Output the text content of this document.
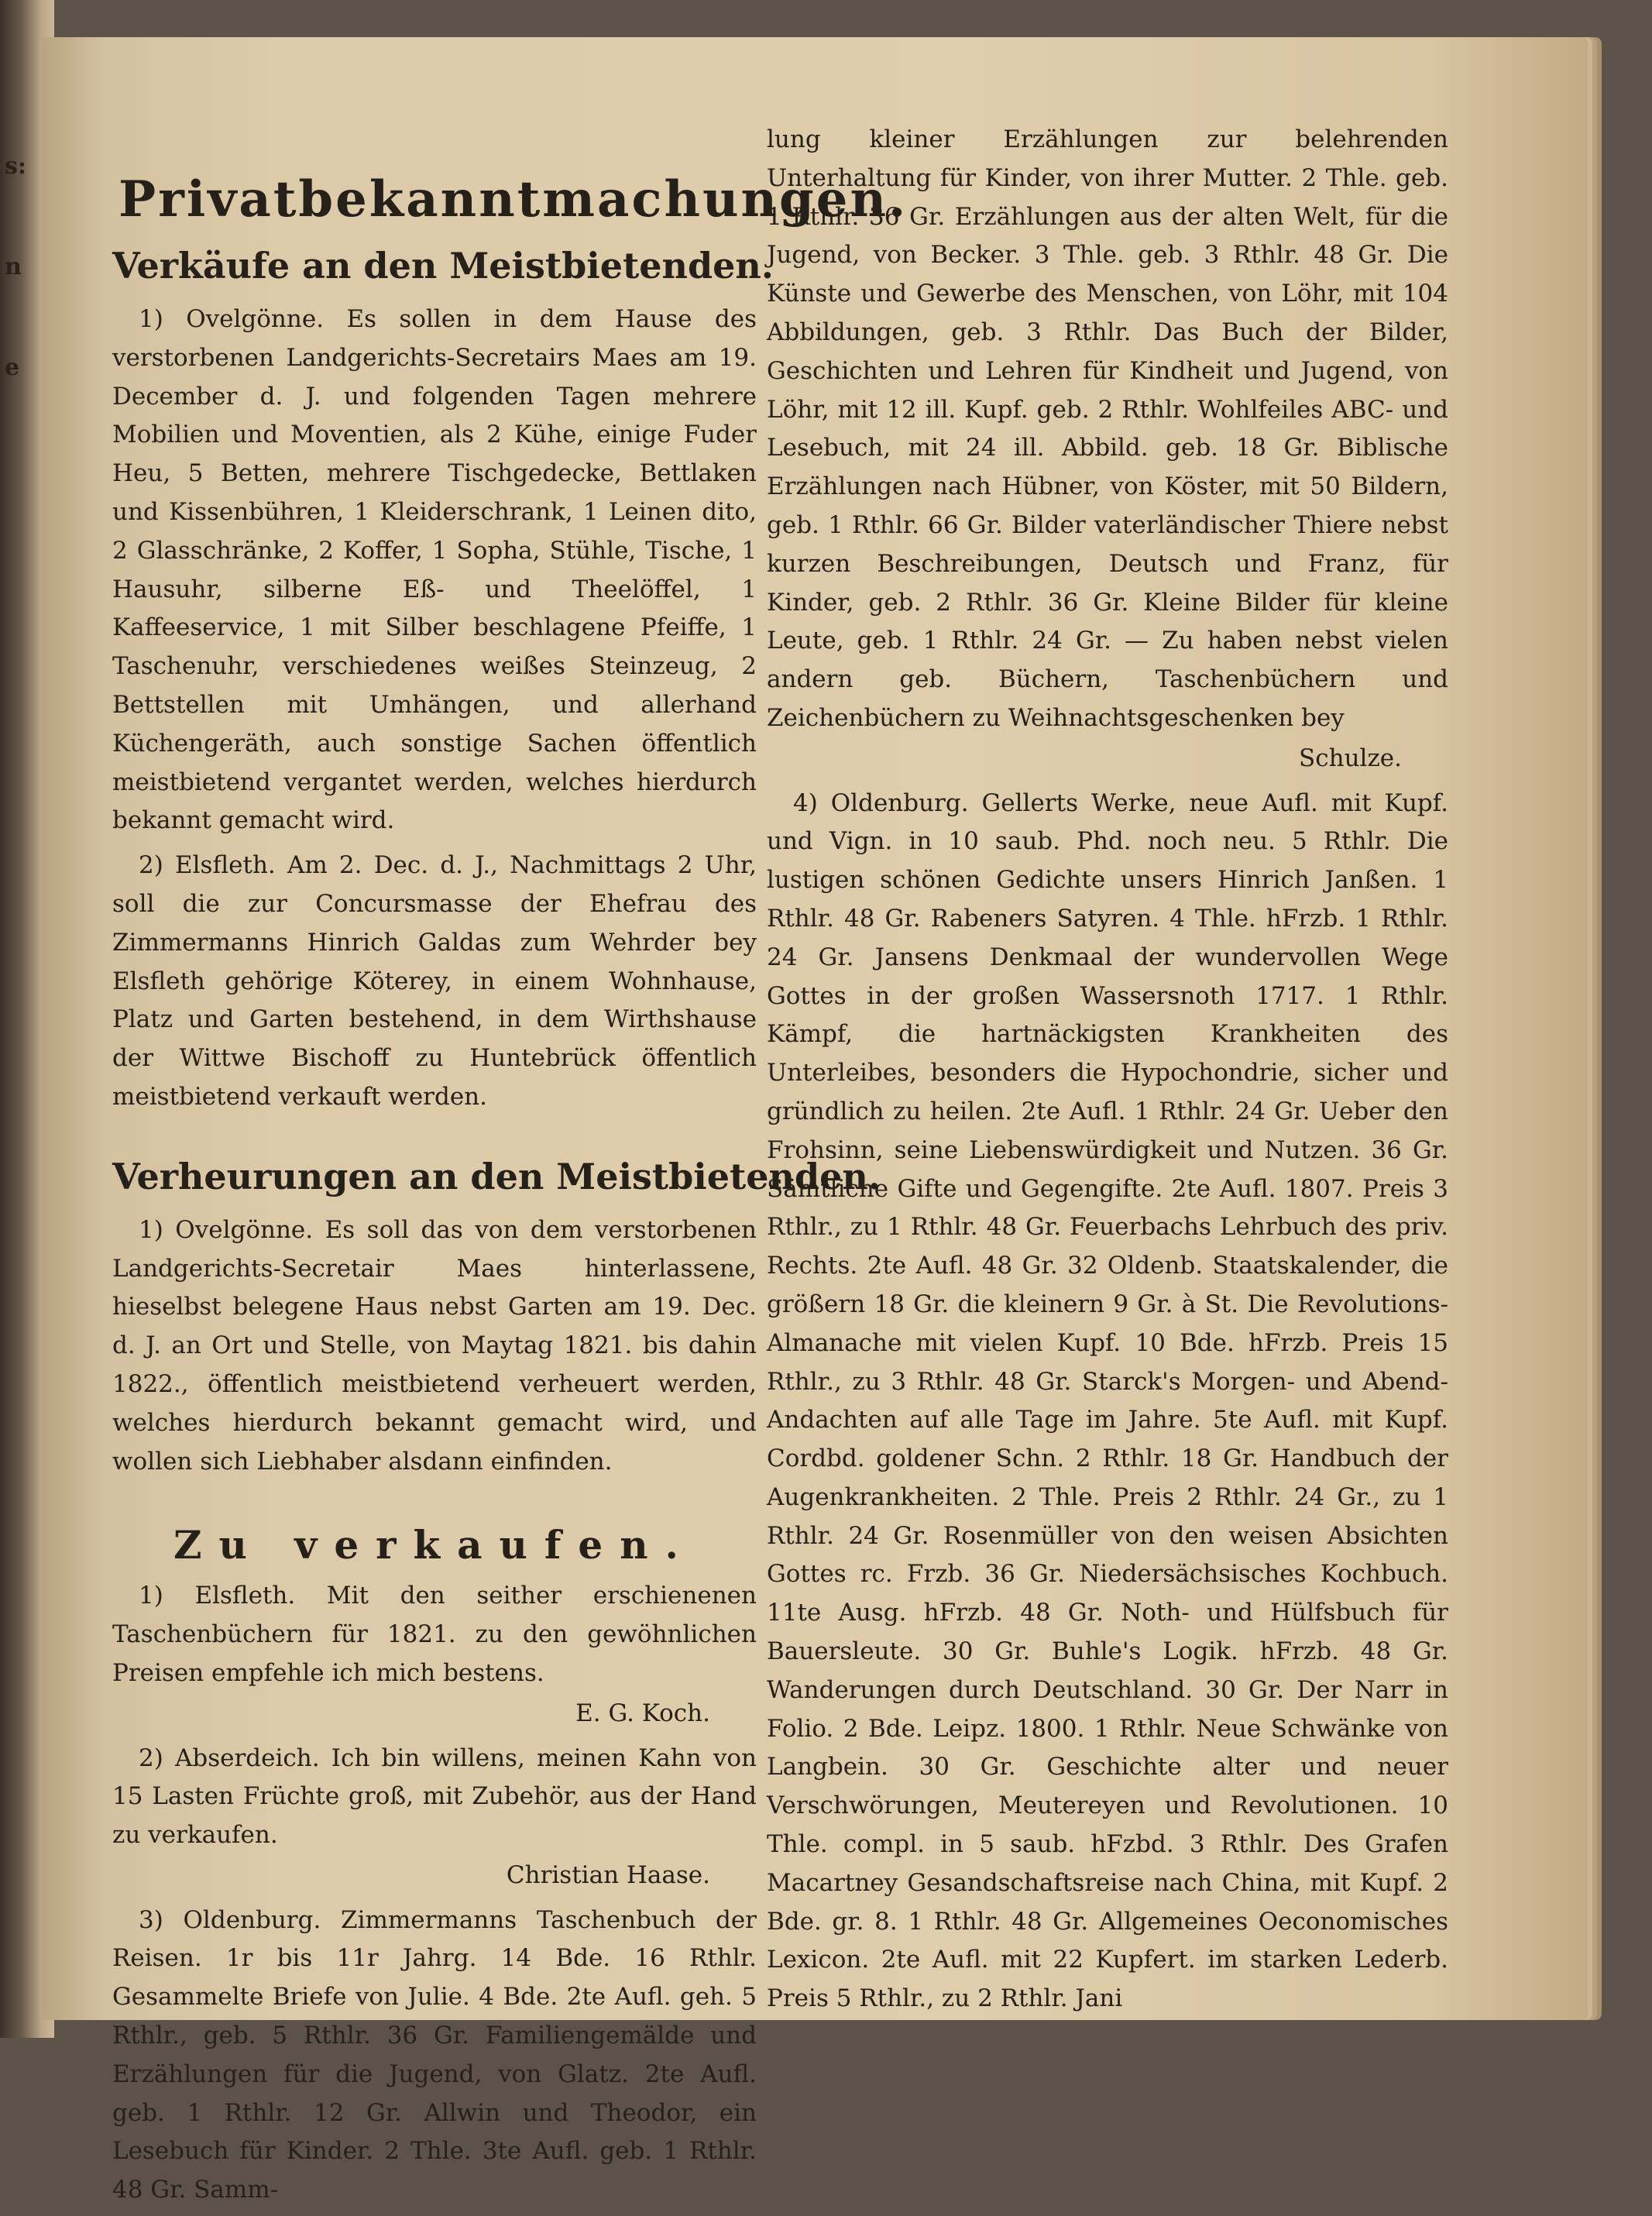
s: n e
Privatbekanntmachungen.
Verkäufe an den Meistbietenden.

1) Ovelgönne. Es sollen in dem Hause des verstorbenen Landgerichts-Secretairs Maes am 19. December d. J. und folgenden Tagen mehrere Mobilien und Moventien, als 2 Kühe, einige Fuder Heu, 5 Betten, mehrere Tischgedecke, Bettlaken und Kissenbühren, 1 Kleiderschrank, 1 Leinen dito, 2 Glasschränke, 2 Koffer, 1 Sopha, Stühle, Tische, 1 Hausuhr, silberne Eß- und Theelöffel, 1 Kaffeeservice, 1 mit Silber beschlagene Pfeiffe, 1 Taschenuhr, verschiedenes weißes Steinzeug, 2 Bettstellen mit Umhängen, und allerhand Küchengeräth, auch sonstige Sachen öffentlich meistbietend vergantet werden, welches hierdurch bekannt gemacht wird.

2) Elsfleth. Am 2. Dec. d. J., Nachmittags 2 Uhr, soll die zur Concursmasse der Ehefrau des Zimmermanns Hinrich Galdas zum Wehrder bey Elsfleth gehörige Köterey, in einem Wohnhause, Platz und Garten bestehend, in dem Wirthshause der Wittwe Bischoff zu Huntebrück öffentlich meistbietend verkauft werden.

Verheurungen an den Meistbietenden.

1) Ovelgönne. Es soll das von dem verstorbenen Landgerichts-Secretair Maes hinterlassene, hieselbst belegene Haus nebst Garten am 19. Dec. d. J. an Ort und Stelle, von Maytag 1821. bis dahin 1822., öffentlich meistbietend verheuert werden, welches hierdurch bekannt gemacht wird, und wollen sich Liebhaber alsdann einfinden.

Zu verkaufen.

1) Elsfleth. Mit den seither erschienenen Taschenbüchern für 1821. zu den gewöhnlichen Preisen empfehle ich mich bestens.

E. G. Koch.

2) Abserdeich. Ich bin willens, meinen Kahn von 15 Lasten Früchte groß, mit Zubehör, aus der Hand zu verkaufen.

Christian Haase.

3) Oldenburg. Zimmermanns Taschenbuch der Reisen. 1r bis 11r Jahrg. 14 Bde. 16 Rthlr. Gesammelte Briefe von Julie. 4 Bde. 2te Aufl. geh. 5 Rthlr., geb. 5 Rthlr. 36 Gr. Familiengemälde und Erzählungen für die Jugend, von Glatz. 2te Aufl. geb. 1 Rthlr. 12 Gr. Allwin und Theodor, ein Lesebuch für Kinder. 2 Thle. 3te Aufl. geb. 1 Rthlr. 48 Gr. Samm-

lung kleiner Erzählungen zur belehrenden Unterhaltung für Kinder, von ihrer Mutter. 2 Thle. geb. 1 Rthlr. 36 Gr. Erzählungen aus der alten Welt, für die Jugend, von Becker. 3 Thle. geb. 3 Rthlr. 48 Gr. Die Künste und Gewerbe des Menschen, von Löhr, mit 104 Abbildungen, geb. 3 Rthlr. Das Buch der Bilder, Geschichten und Lehren für Kindheit und Jugend, von Löhr, mit 12 ill. Kupf. geb. 2 Rthlr. Wohlfeiles ABC- und Lesebuch, mit 24 ill. Abbild. geb. 18 Gr. Biblische Erzählungen nach Hübner, von Köster, mit 50 Bildern, geb. 1 Rthlr. 66 Gr. Bilder vaterländischer Thiere nebst kurzen Beschreibungen, Deutsch und Franz, für Kinder, geb. 2 Rthlr. 36 Gr. Kleine Bilder für kleine Leute, geb. 1 Rthlr. 24 Gr. — Zu haben nebst vielen andern geb. Büchern, Taschenbüchern und Zeichenbüchern zu Weihnachtsgeschenken bey

Schulze.

4) Oldenburg. Gellerts Werke, neue Aufl. mit Kupf. und Vign. in 10 saub. Phd. noch neu. 5 Rthlr. Die lustigen schönen Gedichte unsers Hinrich Janßen. 1 Rthlr. 48 Gr. Rabeners Satyren. 4 Thle. hFrzb. 1 Rthlr. 24 Gr. Jansens Denkmaal der wundervollen Wege Gottes in der großen Wassersnoth 1717. 1 Rthlr. Kämpf, die hartnäckigsten Krankheiten des Unterleibes, besonders die Hypochondrie, sicher und gründlich zu heilen. 2te Aufl. 1 Rthlr. 24 Gr. Ueber den Frohsinn, seine Liebenswürdigkeit und Nutzen. 36 Gr. Sämtliche Gifte und Gegengifte. 2te Aufl. 1807. Preis 3 Rthlr., zu 1 Rthlr. 48 Gr. Feuerbachs Lehrbuch des priv. Rechts. 2te Aufl. 48 Gr. 32 Oldenb. Staatskalender, die größern 18 Gr. die kleinern 9 Gr. à St. Die Revolutions-Almanache mit vielen Kupf. 10 Bde. hFrzb. Preis 15 Rthlr., zu 3 Rthlr. 48 Gr. Starck's Morgen- und Abend-Andachten auf alle Tage im Jahre. 5te Aufl. mit Kupf. Cordbd. goldener Schn. 2 Rthlr. 18 Gr. Handbuch der Augenkrankheiten. 2 Thle. Preis 2 Rthlr. 24 Gr., zu 1 Rthlr. 24 Gr. Rosenmüller von den weisen Absichten Gottes rc. Frzb. 36 Gr. Niedersächsisches Kochbuch. 11te Ausg. hFrzb. 48 Gr. Noth- und Hülfsbuch für Bauersleute. 30 Gr. Buhle's Logik. hFrzb. 48 Gr. Wanderungen durch Deutschland. 30 Gr. Der Narr in Folio. 2 Bde. Leipz. 1800. 1 Rthlr. Neue Schwänke von Langbein. 30 Gr. Geschichte alter und neuer Verschwörungen, Meutereyen und Revolutionen. 10 Thle. compl. in 5 saub. hFzbd. 3 Rthlr. Des Grafen Macartney Gesandschaftsreise nach China, mit Kupf. 2 Bde. gr. 8. 1 Rthlr. 48 Gr. Allgemeines Oeconomisches Lexicon. 2te Aufl. mit 22 Kupfert. im starken Lederb. Preis 5 Rthlr., zu 2 Rthlr. Jani
